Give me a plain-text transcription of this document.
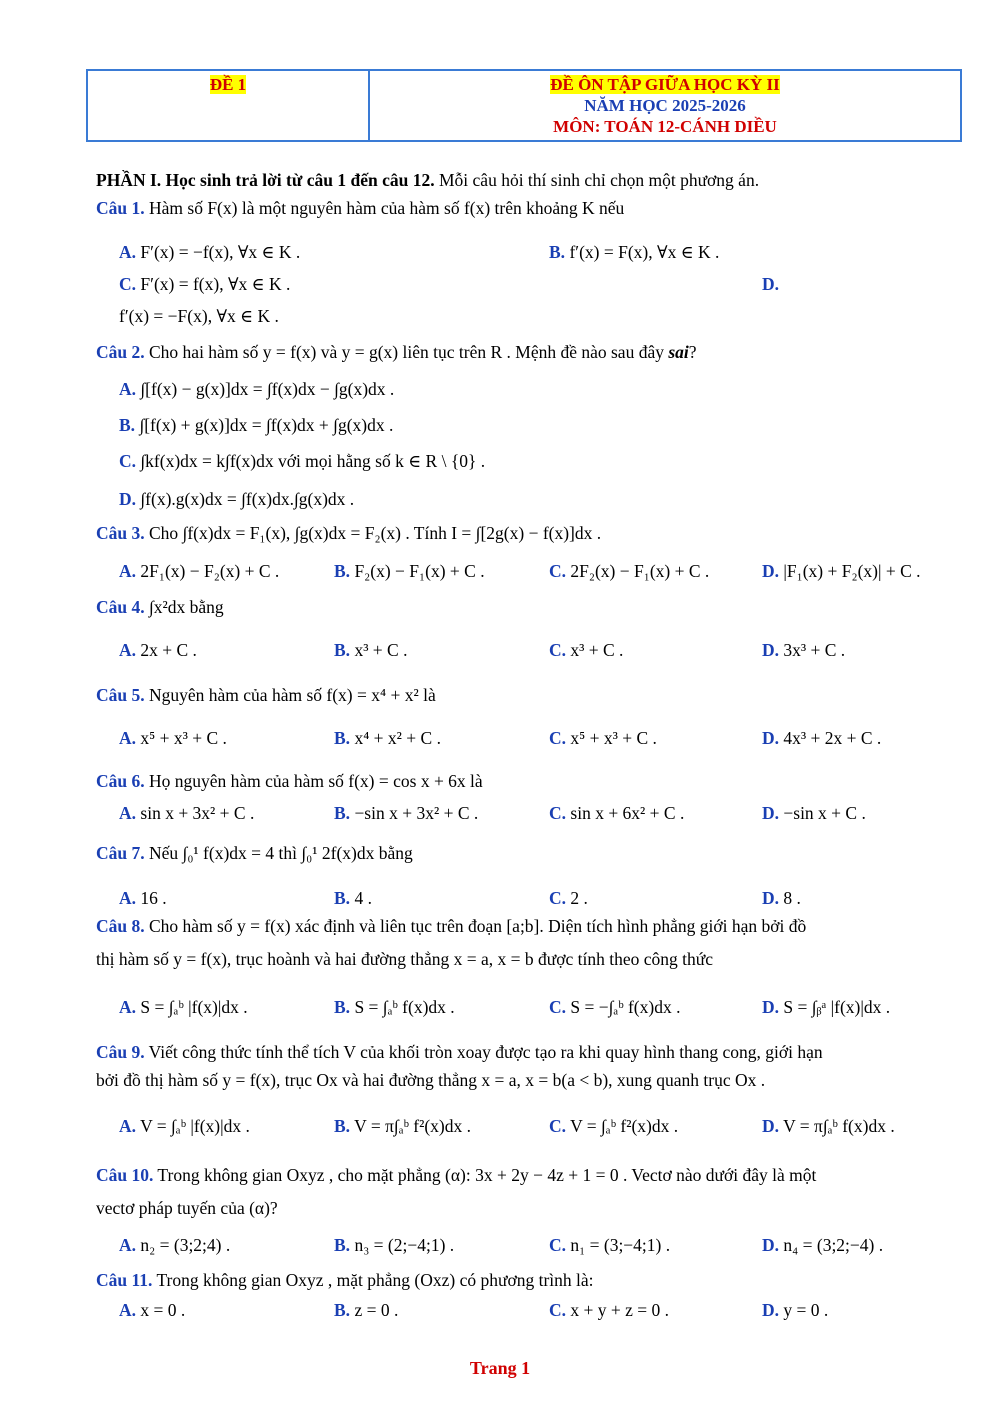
ĐỀ 1	ĐỀ ÔN TẬP GIỮA HỌC KỲ II
NĂM HỌC 2025-2026
MÔN: TOÁN 12-CÁNH DIỀU
PHẦN I. Học sinh trả lời từ câu 1 đến câu 12. Mỗi câu hỏi thí sinh chỉ chọn một phương án.
Câu 1. Hàm số F(x) là một nguyên hàm của hàm số f(x) trên khoảng K nếu
A. F′(x) = −f(x), ∀x ∈ K .	B. f′(x) = F(x), ∀x ∈ K .
C. F′(x) = f(x), ∀x ∈ K .	D.
f′(x) = −F(x), ∀x ∈ K .
Câu 2. Cho hai hàm số y = f(x) và y = g(x) liên tục trên R . Mệnh đề nào sau đây sai?
A. ∫[f(x) − g(x)]dx = ∫f(x)dx − ∫g(x)dx .
B. ∫[f(x) + g(x)]dx = ∫f(x)dx + ∫g(x)dx .
C. ∫kf(x)dx = k∫f(x)dx với mọi hằng số k ∈ R \ {0} .
D. ∫f(x).g(x)dx = ∫f(x)dx.∫g(x)dx .
Câu 3. Cho ∫f(x)dx = F₁(x), ∫g(x)dx = F₂(x) . Tính I = ∫[2g(x) − f(x)]dx .
A. 2F₁(x) − F₂(x) + C .	B. F₂(x) − F₁(x) + C .	C. 2F₂(x) − F₁(x) + C .	D. |F₁(x) + F₂(x)| + C .
Câu 4. ∫x²dx bằng
A. 2x + C .	B. x³ + C .	C. x³ + C .	D. 3x³ + C .
Câu 5. Nguyên hàm của hàm số f(x) = x⁴ + x² là
A. x⁵ + x³ + C .	B. x⁴ + x² + C .	C. x⁵ + x³ + C .	D. 4x³ + 2x + C .
Câu 6. Họ nguyên hàm của hàm số f(x) = cos x + 6x là
A. sin x + 3x² + C .	B. −sin x + 3x² + C .	C. sin x + 6x² + C .	D. −sin x + C .
Câu 7. Nếu ∫₀¹ f(x)dx = 4 thì ∫₀¹ 2f(x)dx bằng
A. 16 .	B. 4 .	C. 2 .	D. 8 .
Câu 8. Cho hàm số y = f(x) xác định và liên tục trên đoạn [a;b]. Diện tích hình phẳng giới hạn bởi đồ
thị hàm số y = f(x), trục hoành và hai đường thẳng x = a, x = b được tính theo công thức
A. S = ∫ₐᵇ |f(x)|dx .	B. S = ∫ₐᵇ f(x)dx .	C. S = −∫ₐᵇ f(x)dx .	D. S = ∫ᵦᵃ |f(x)|dx .
Câu 9. Viết công thức tính thể tích V của khối tròn xoay được tạo ra khi quay hình thang cong, giới hạn
bởi đồ thị hàm số y = f(x), trục Ox và hai đường thẳng x = a, x = b(a < b), xung quanh trục Ox .
A. V = ∫ₐᵇ |f(x)|dx .	B. V = π∫ₐᵇ f²(x)dx .	C. V = ∫ₐᵇ f²(x)dx .	D. V = π∫ₐᵇ f(x)dx .
Câu 10. Trong không gian Oxyz , cho mặt phẳng (α): 3x + 2y − 4z + 1 = 0 . Vectơ nào dưới đây là một
vectơ pháp tuyến của (α)?
A. n₂ = (3;2;4) .	B. n₃ = (2;−4;1) .	C. n₁ = (3;−4;1) .	D. n₄ = (3;2;−4) .
Câu 11. Trong không gian Oxyz , mặt phẳng (Oxz) có phương trình là:
A. x = 0 .	B. z = 0 .	C. x + y + z = 0 .	D. y = 0 .
Trang 1
